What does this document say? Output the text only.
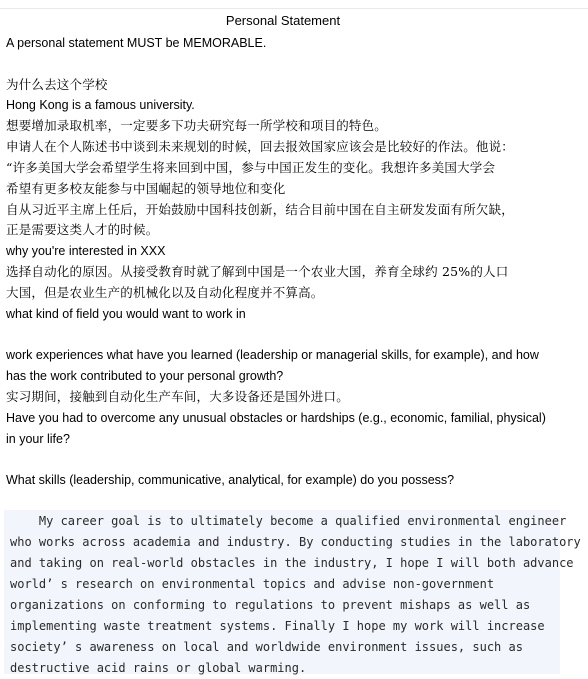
Personal Statement
A personal statement MUST be MEMORABLE.
为什么去这个学校
Hong Kong is a famous university.
想要增加录取机率，一定要多下功夫研究每一所学校和项目的特色。
申请人在个人陈述书中谈到未来规划的时候，回去报效国家应该会是比较好的作法。他说：
“许多美国大学会希望学生将来回到中国，参与中国正发生的变化。我想许多美国大学会
希望有更多校友能参与中国崛起的领导地位和变化
自从习近平主席上任后，开始鼓励中国科技创新，结合目前中国在自主研发发面有所欠缺，
正是需要这类人才的时候。
why you're interested in XXX
选择自动化的原因。从接受教育时就了解到中国是一个农业大国，养育全球约 25%的人口
大国，但是农业生产的机械化以及自动化程度并不算高。
what kind of field you would want to work in
work experiences what have you learned (leadership or managerial skills, for example), and how
has the work contributed to your personal growth?
实习期间，接触到自动化生产车间，大多设备还是国外进口。
Have you had to overcome any unusual obstacles or hardships (e.g., economic, familial, physical)
in your life?
What skills (leadership, communicative, analytical, for example) do you possess?
My career goal is to ultimately become a qualified environmental engineer
who works across academia and industry. By conducting studies in the laboratory
and taking on real-world obstacles in the industry, I hope I will both advance
world’ s research on environmental topics and advise non-government
organizations on conforming to regulations to prevent mishaps as well as
implementing waste treatment systems. Finally I hope my work will increase
society’ s awareness on local and worldwide environment issues, such as
destructive acid rains or global warming.
